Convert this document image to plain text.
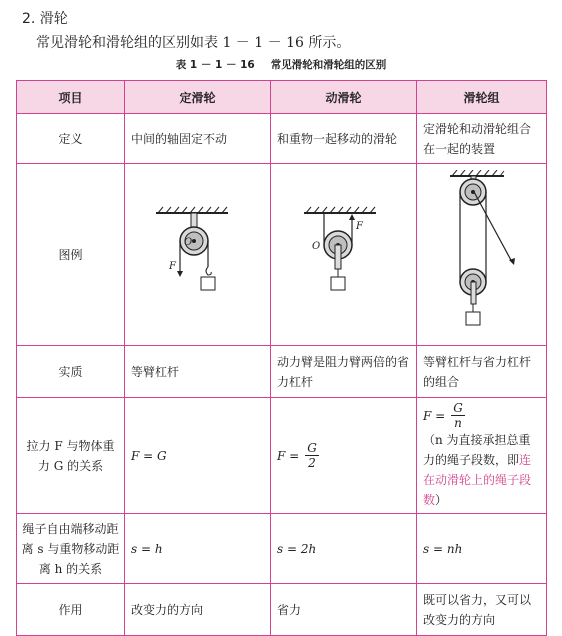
2. 滑轮
常见滑轮和滑轮组的区别如表 1 － 1 － 16 所示。
表 1 － 1 － 16 常见滑轮和滑轮组的区别
项目	定滑轮	动滑轮	滑轮组
定义	中间的轴固定不动	和重物一起移动的滑轮	定滑轮和动滑轮组合在一起的装置
图例	O
F	O
F

实质	等臂杠杆	动力臂是阻力臂两倍的省力杠杆	等臂杠杆与省力杠杆的组合
拉力 F 与物体重力 G 的关系	F = G	$F = \frac{G}{2}$	$F = \frac{G}{n}$
（n 为直接承担总重力的绳子段数，即连在动滑轮上的绳子段数）

绳子自由端移动距离 s 与重物移动距离 h 的关系	s = h	s = 2h	s = nh
作用	改变力的方向	省力	既可以省力，又可以改变力的方向
